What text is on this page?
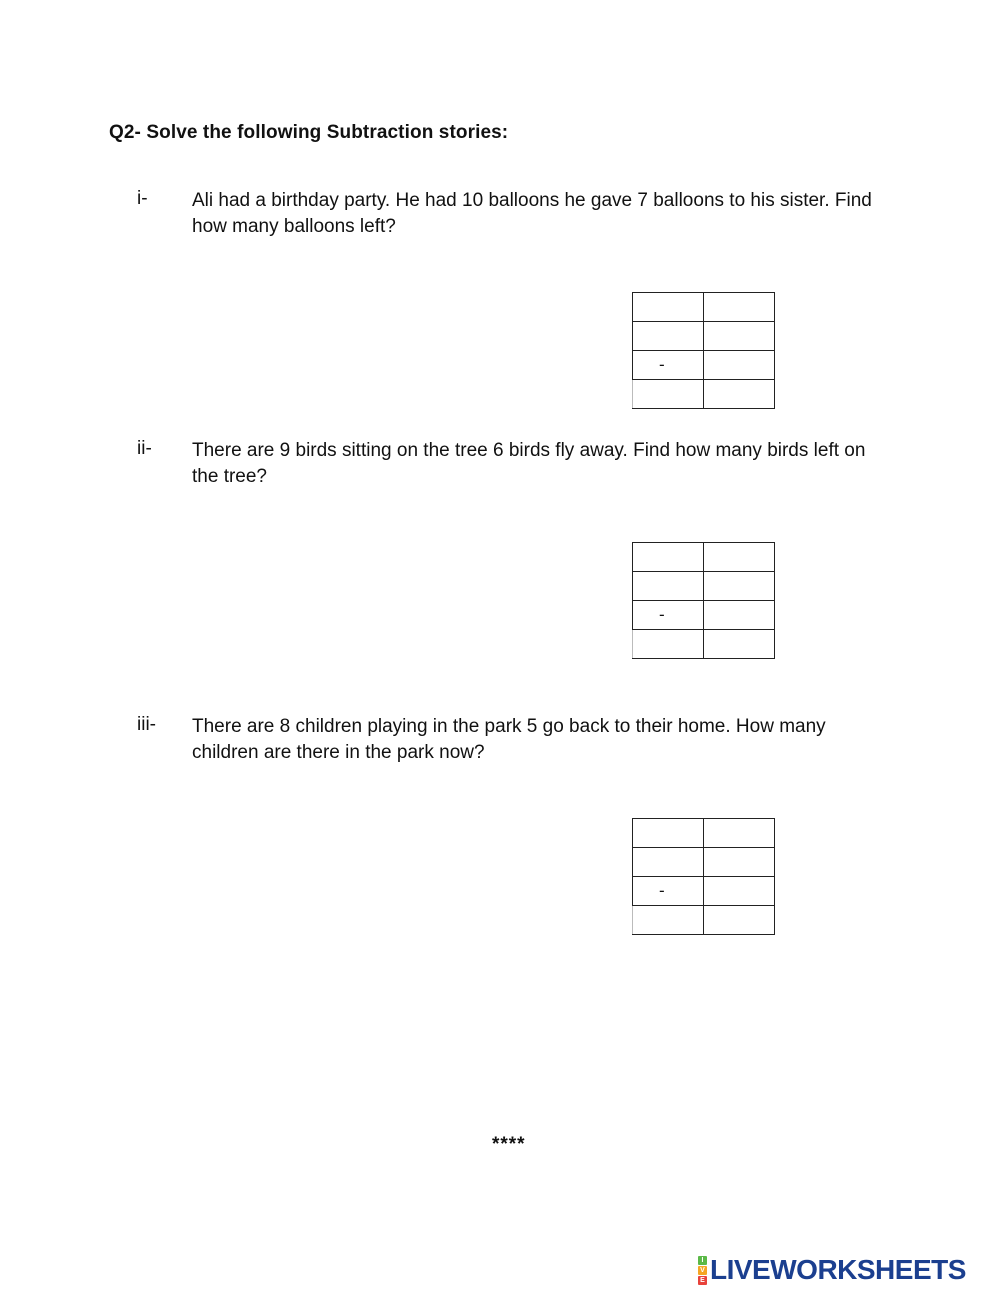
Q2- Solve the following Subtraction stories:
i- Ali had a birthday party. He had 10 balloons he gave 7 balloons to his sister. Find how many balloons left?

-	

ii- There are 9 birds sitting on the tree 6 birds fly away. Find how many birds left on the tree?

-	

iii- There are 8 children playing in the park 5 go back to their home. How many children are there in the park now?

-	

****
I
V
E LIVEWORKSHEETS
